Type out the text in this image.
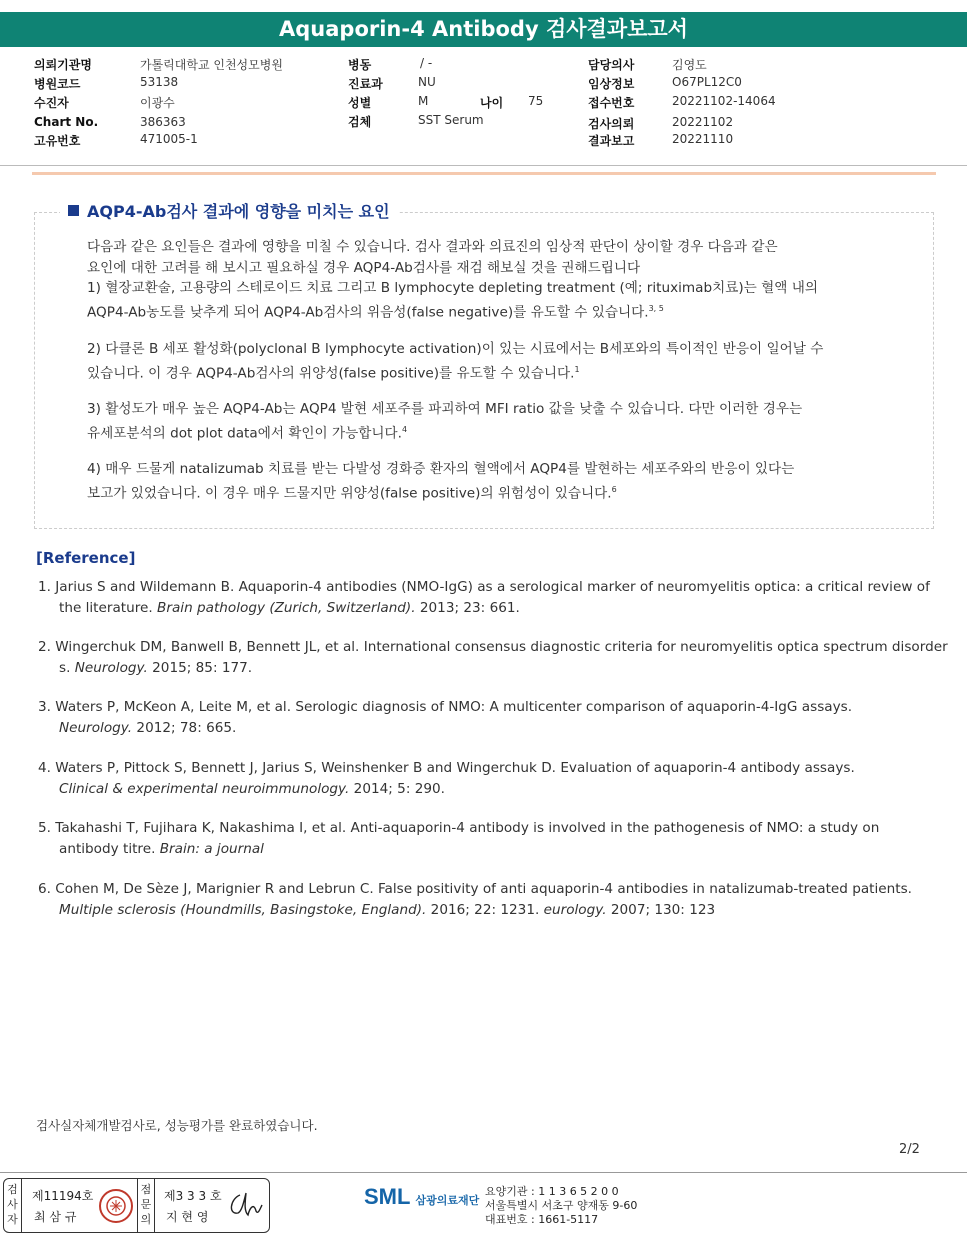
Aquaporin-4 Antibody 검사결과보고서
의뢰기관명	가톨릭대학교 인천성모병원
병원코드	53138
수진자	이광수
Chart No.	386363
고유번호	471005-1
병동	/ -
진료과	NU
성별	M	나이 75
검체	SST Serum
담당의사	김영도
임상정보	O67PL12C0
접수번호	20221102-14064
검사의뢰	20221102
결과보고	20221110
AQP4-Ab검사 결과에 영향을 미치는 요인
다음과 같은 요인들은 결과에 영향을 미칠 수 있습니다. 검사 결과와 의료진의 임상적 판단이 상이할 경우 다음과 같은
요인에 대한 고려를 해 보시고 필요하실 경우 AQP4-Ab검사를 재검 해보실 것을 권해드립니다
1) 혈장교환술, 고용량의 스테로이드 치료 그리고 B lymphocyte depleting treatment (예; rituximab치료)는 혈액 내의
AQP4-Ab농도를 낮추게 되어 AQP4-Ab검사의 위음성(false negative)를 유도할 수 있습니다.$^{3, 5}$
2) 다클론 B 세포 활성화(polyclonal B lymphocyte activation)이 있는 시료에서는 B세포와의 특이적인 반응이 일어날 수
있습니다. 이 경우 AQP4-Ab검사의 위양성(false positive)를 유도할 수 있습니다.$^1$
3) 활성도가 매우 높은 AQP4-Ab는 AQP4 발현 세포주를 파괴하여 MFI ratio 값을 낮출 수 있습니다. 다만 이러한 경우는
유세포분석의 dot plot data에서 확인이 가능합니다.$^4$
4) 매우 드물게 natalizumab 치료를 받는 다발성 경화증 환자의 혈액에서 AQP4를 발현하는 세포주와의 반응이 있다는
보고가 있었습니다. 이 경우 매우 드물지만 위양성(false positive)의 위험성이 있습니다.$^6$
[Reference]
1. Jarius S and Wildemann B. Aquaporin-4 antibodies (NMO-IgG) as a serological marker of neuromyelitis optica: a critical review of
the literature. Brain pathology (Zurich, Switzerland). 2013; 23: 661.
2. Wingerchuk DM, Banwell B, Bennett JL, et al. International consensus diagnostic criteria for neuromyelitis optica spectrum disorder
s. Neurology. 2015; 85: 177.
3. Waters P, McKeon A, Leite M, et al. Serologic diagnosis of NMO: A multicenter comparison of aquaporin-4-IgG assays.
Neurology. 2012; 78: 665.
4. Waters P, Pittock S, Bennett J, Jarius S, Weinshenker B and Wingerchuk D. Evaluation of aquaporin-4 antibody assays.
Clinical & experimental neuroimmunology. 2014; 5: 290.
5. Takahashi T, Fujihara K, Nakashima I, et al. Anti-aquaporin-4 antibody is involved in the pathogenesis of NMO: a study on
antibody titre. Brain: a journal
6. Cohen M, De Sèze J, Marignier R and Lebrun C. False positivity of anti aquaporin-4 antibodies in natalizumab-treated patients.
Multiple sclerosis (Houndmills, Basingstoke, England). 2016; 22: 1231. eurology. 2007; 130: 123
검사실자체개발검사로, 성능평가를 완료하였습니다.
2/2
검
사
자
제11194호
최 삼 규
점
문
의
제3 3 3 호
지 현 영
SML 삼광의료재단
요양기관 : 1 1 3 6 5 2 0 0
서울특별시 서초구 양재동 9-60
대표번호 : 1661-5117
